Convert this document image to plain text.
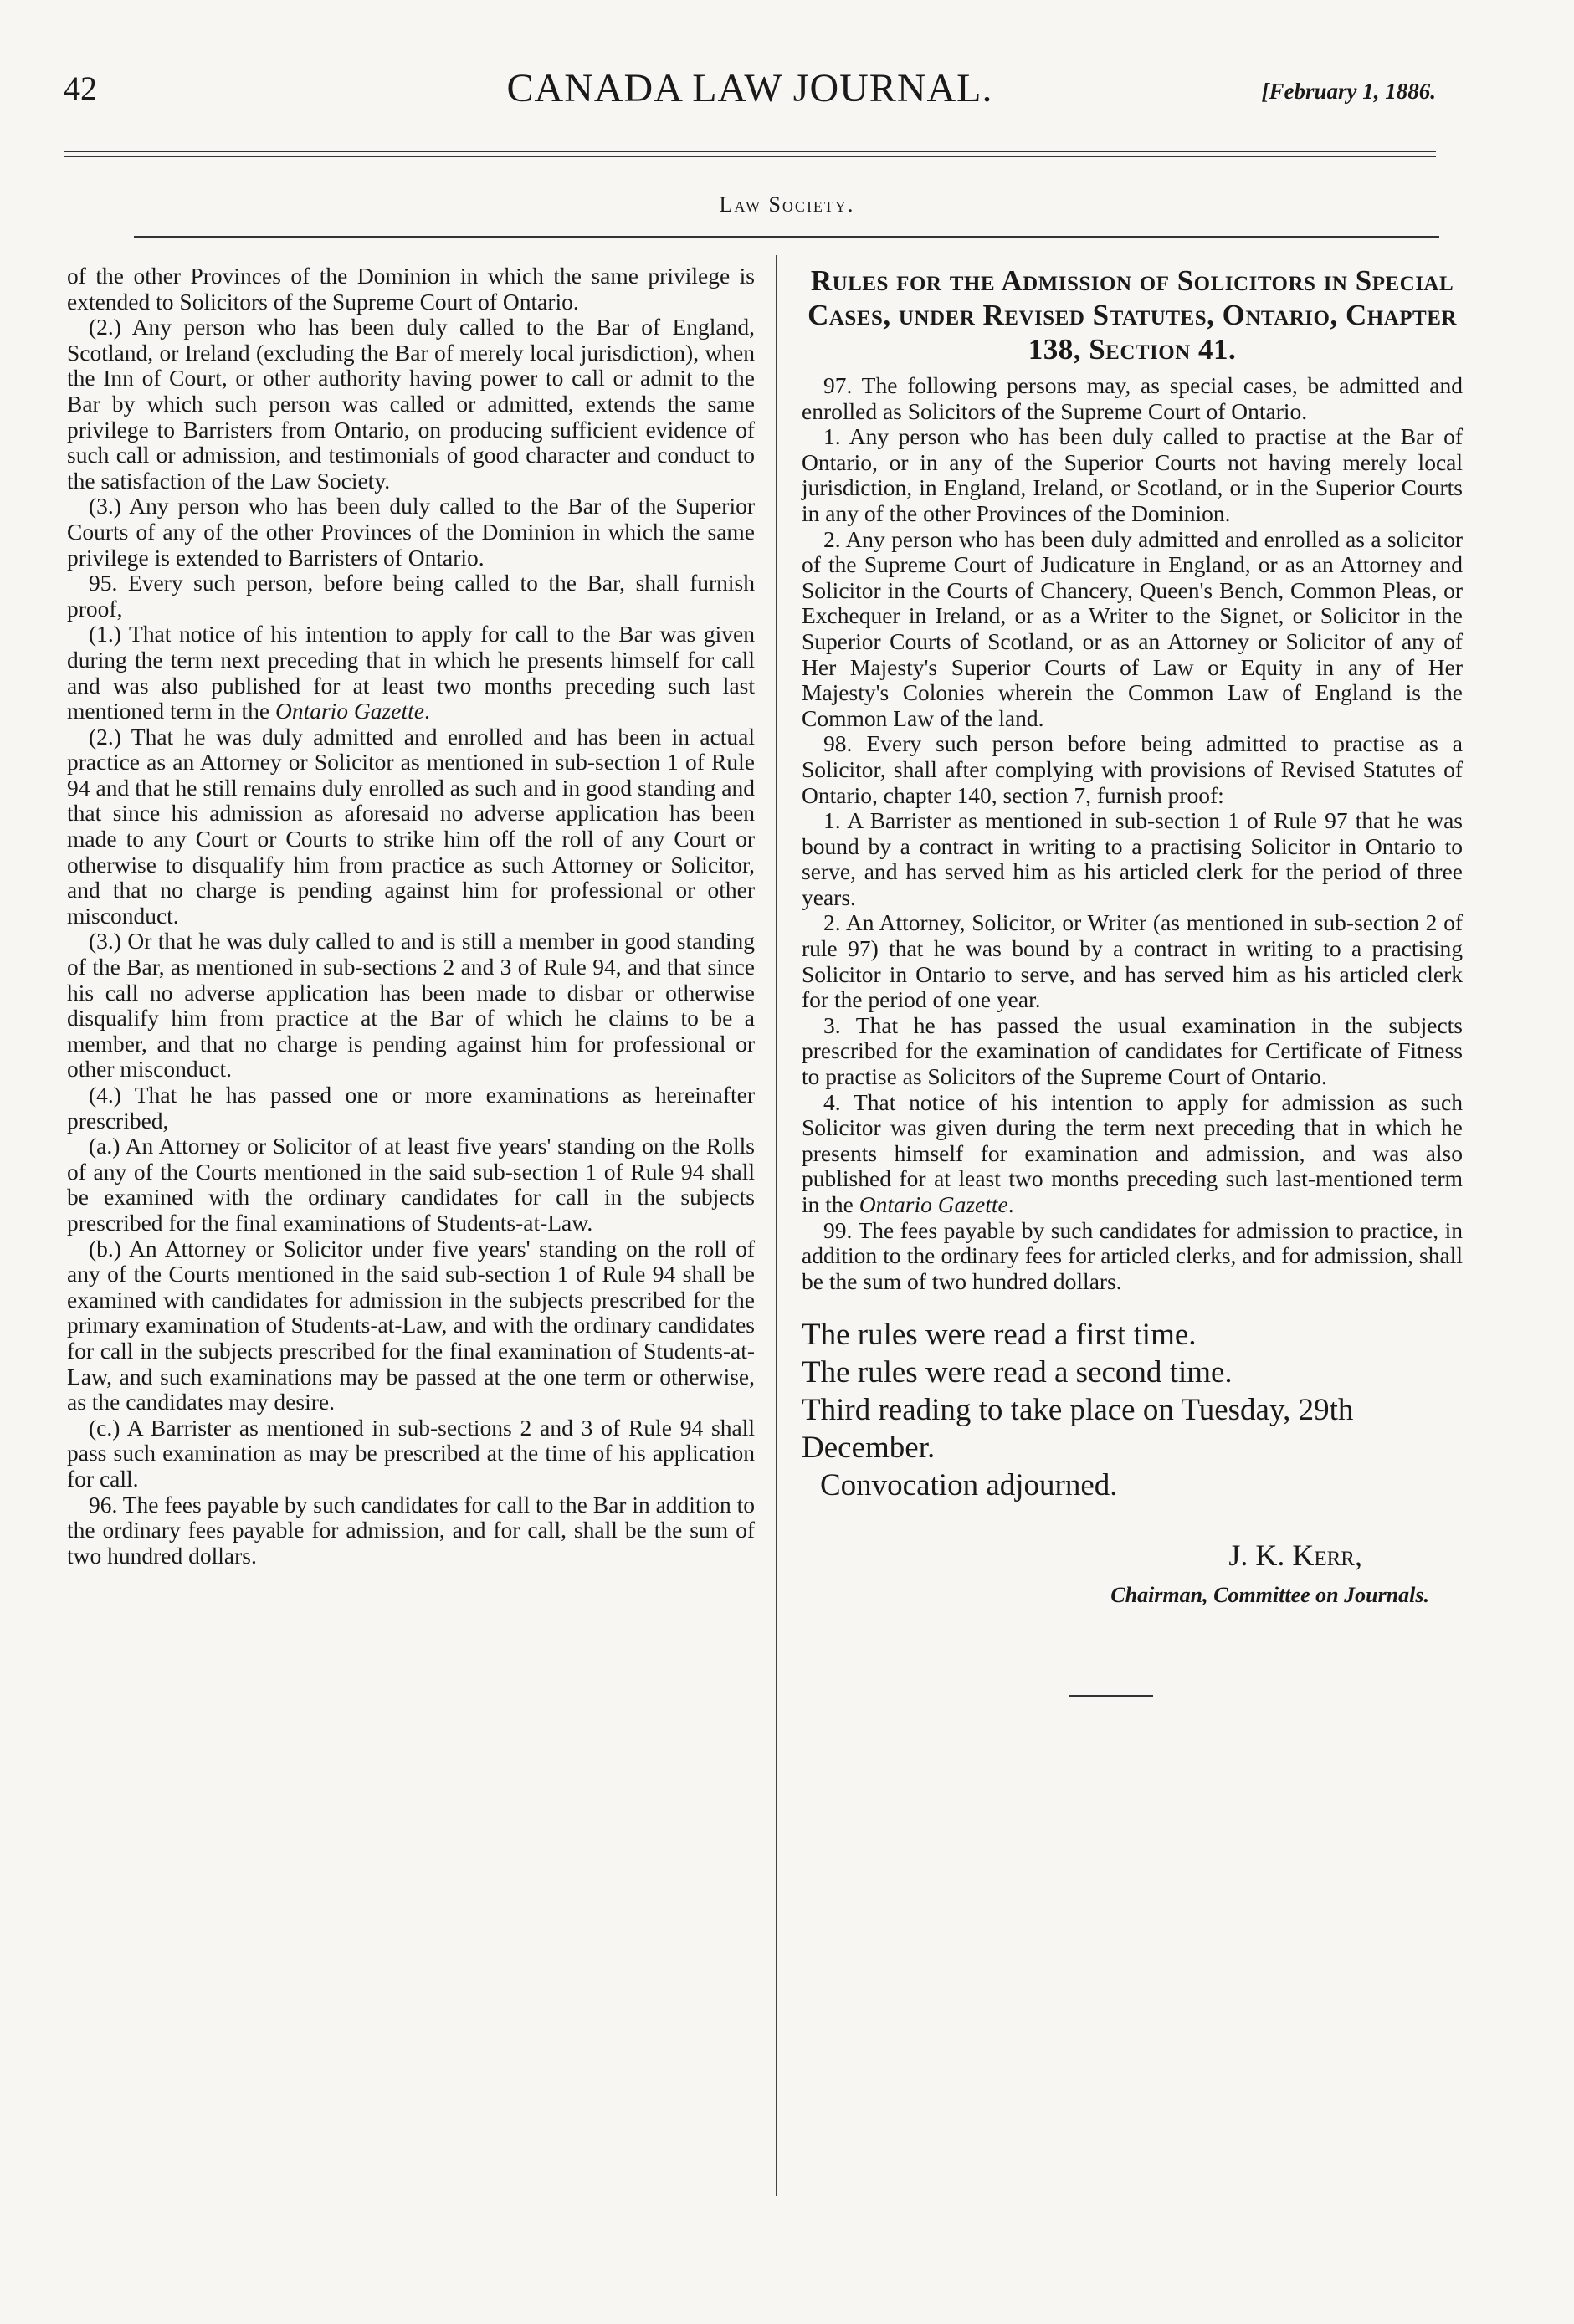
42	CANADA LAW JOURNAL.	[February 1, 1886.
Law Society.

of the other Provinces of the Dominion in which the same privilege is extended to Solicitors of the Supreme Court of Ontario.

(2.) Any person who has been duly called to the Bar of England, Scotland, or Ireland (excluding the Bar of merely local jurisdiction), when the Inn of Court, or other authority having power to call or admit to the Bar by which such person was called or admitted, extends the same privilege to Barristers from Ontario, on producing sufficient evidence of such call or admission, and testimonials of good character and conduct to the satisfaction of the Law Society.

(3.) Any person who has been duly called to the Bar of the Superior Courts of any of the other Provinces of the Dominion in which the same privilege is extended to Barristers of Ontario.

95. Every such person, before being called to the Bar, shall furnish proof,

(1.) That notice of his intention to apply for call to the Bar was given during the term next preceding that in which he presents himself for call and was also published for at least two months preceding such last mentioned term in the Ontario Gazette.

(2.) That he was duly admitted and enrolled and has been in actual practice as an Attorney or Solicitor as mentioned in sub-section 1 of Rule 94 and that he still remains duly enrolled as such and in good standing and that since his admission as aforesaid no adverse application has been made to any Court or Courts to strike him off the roll of any Court or otherwise to disqualify him from practice as such Attorney or Solicitor, and that no charge is pending against him for professional or other misconduct.

(3.) Or that he was duly called to and is still a member in good standing of the Bar, as mentioned in sub-sections 2 and 3 of Rule 94, and that since his call no adverse application has been made to disbar or otherwise disqualify him from practice at the Bar of which he claims to be a member, and that no charge is pending against him for professional or other misconduct.

(4.) That he has passed one or more examinations as hereinafter prescribed,

(a.) An Attorney or Solicitor of at least five years' standing on the Rolls of any of the Courts mentioned in the said sub-section 1 of Rule 94 shall be examined with the ordinary candidates for call in the subjects prescribed for the final examinations of Students-at-Law.

(b.) An Attorney or Solicitor under five years' standing on the roll of any of the Courts mentioned in the said sub-section 1 of Rule 94 shall be examined with candidates for admission in the subjects prescribed for the primary examination of Students-at-Law, and with the ordinary candidates for call in the subjects prescribed for the final examination of Students-at-Law, and such examinations may be passed at the one term or otherwise, as the candidates may desire.

(c.) A Barrister as mentioned in sub-sections 2 and 3 of Rule 94 shall pass such examination as may be prescribed at the time of his application for call.

96. The fees payable by such candidates for call to the Bar in addition to the ordinary fees payable for admission, and for call, shall be the sum of two hundred dollars.

Rules for the Admission of Solicitors in Special Cases, under Revised Statutes, Ontario, Chapter 138, Section 41.

97. The following persons may, as special cases, be admitted and enrolled as Solicitors of the Supreme Court of Ontario.

1. Any person who has been duly called to practise at the Bar of Ontario, or in any of the Superior Courts not having merely local jurisdiction, in England, Ireland, or Scotland, or in the Superior Courts in any of the other Provinces of the Dominion.

2. Any person who has been duly admitted and enrolled as a solicitor of the Supreme Court of Judicature in England, or as an Attorney and Solicitor in the Courts of Chancery, Queen's Bench, Common Pleas, or Exchequer in Ireland, or as a Writer to the Signet, or Solicitor in the Superior Courts of Scotland, or as an Attorney or Solicitor of any of Her Majesty's Superior Courts of Law or Equity in any of Her Majesty's Colonies wherein the Common Law of England is the Common Law of the land.

98. Every such person before being admitted to practise as a Solicitor, shall after complying with provisions of Revised Statutes of Ontario, chapter 140, section 7, furnish proof:

1. A Barrister as mentioned in sub-section 1 of Rule 97 that he was bound by a contract in writing to a practising Solicitor in Ontario to serve, and has served him as his articled clerk for the period of three years.

2. An Attorney, Solicitor, or Writer (as mentioned in sub-section 2 of rule 97) that he was bound by a contract in writing to a practising Solicitor in Ontario to serve, and has served him as his articled clerk for the period of one year.

3. That he has passed the usual examination in the subjects prescribed for the examination of candidates for Certificate of Fitness to practise as Solicitors of the Supreme Court of Ontario.

4. That notice of his intention to apply for admission as such Solicitor was given during the term next preceding that in which he presents himself for examination and admission, and was also published for at least two months preceding such last-mentioned term in the Ontario Gazette.

99. The fees payable by such candidates for admission to practice, in addition to the ordinary fees for articled clerks, and for admission, shall be the sum of two hundred dollars.

The rules were read a first time.

The rules were read a second time.

Third reading to take place on Tuesday, 29th December.

Convocation adjourned.

J. K. Kerr,

Chairman, Committee on Journals.
